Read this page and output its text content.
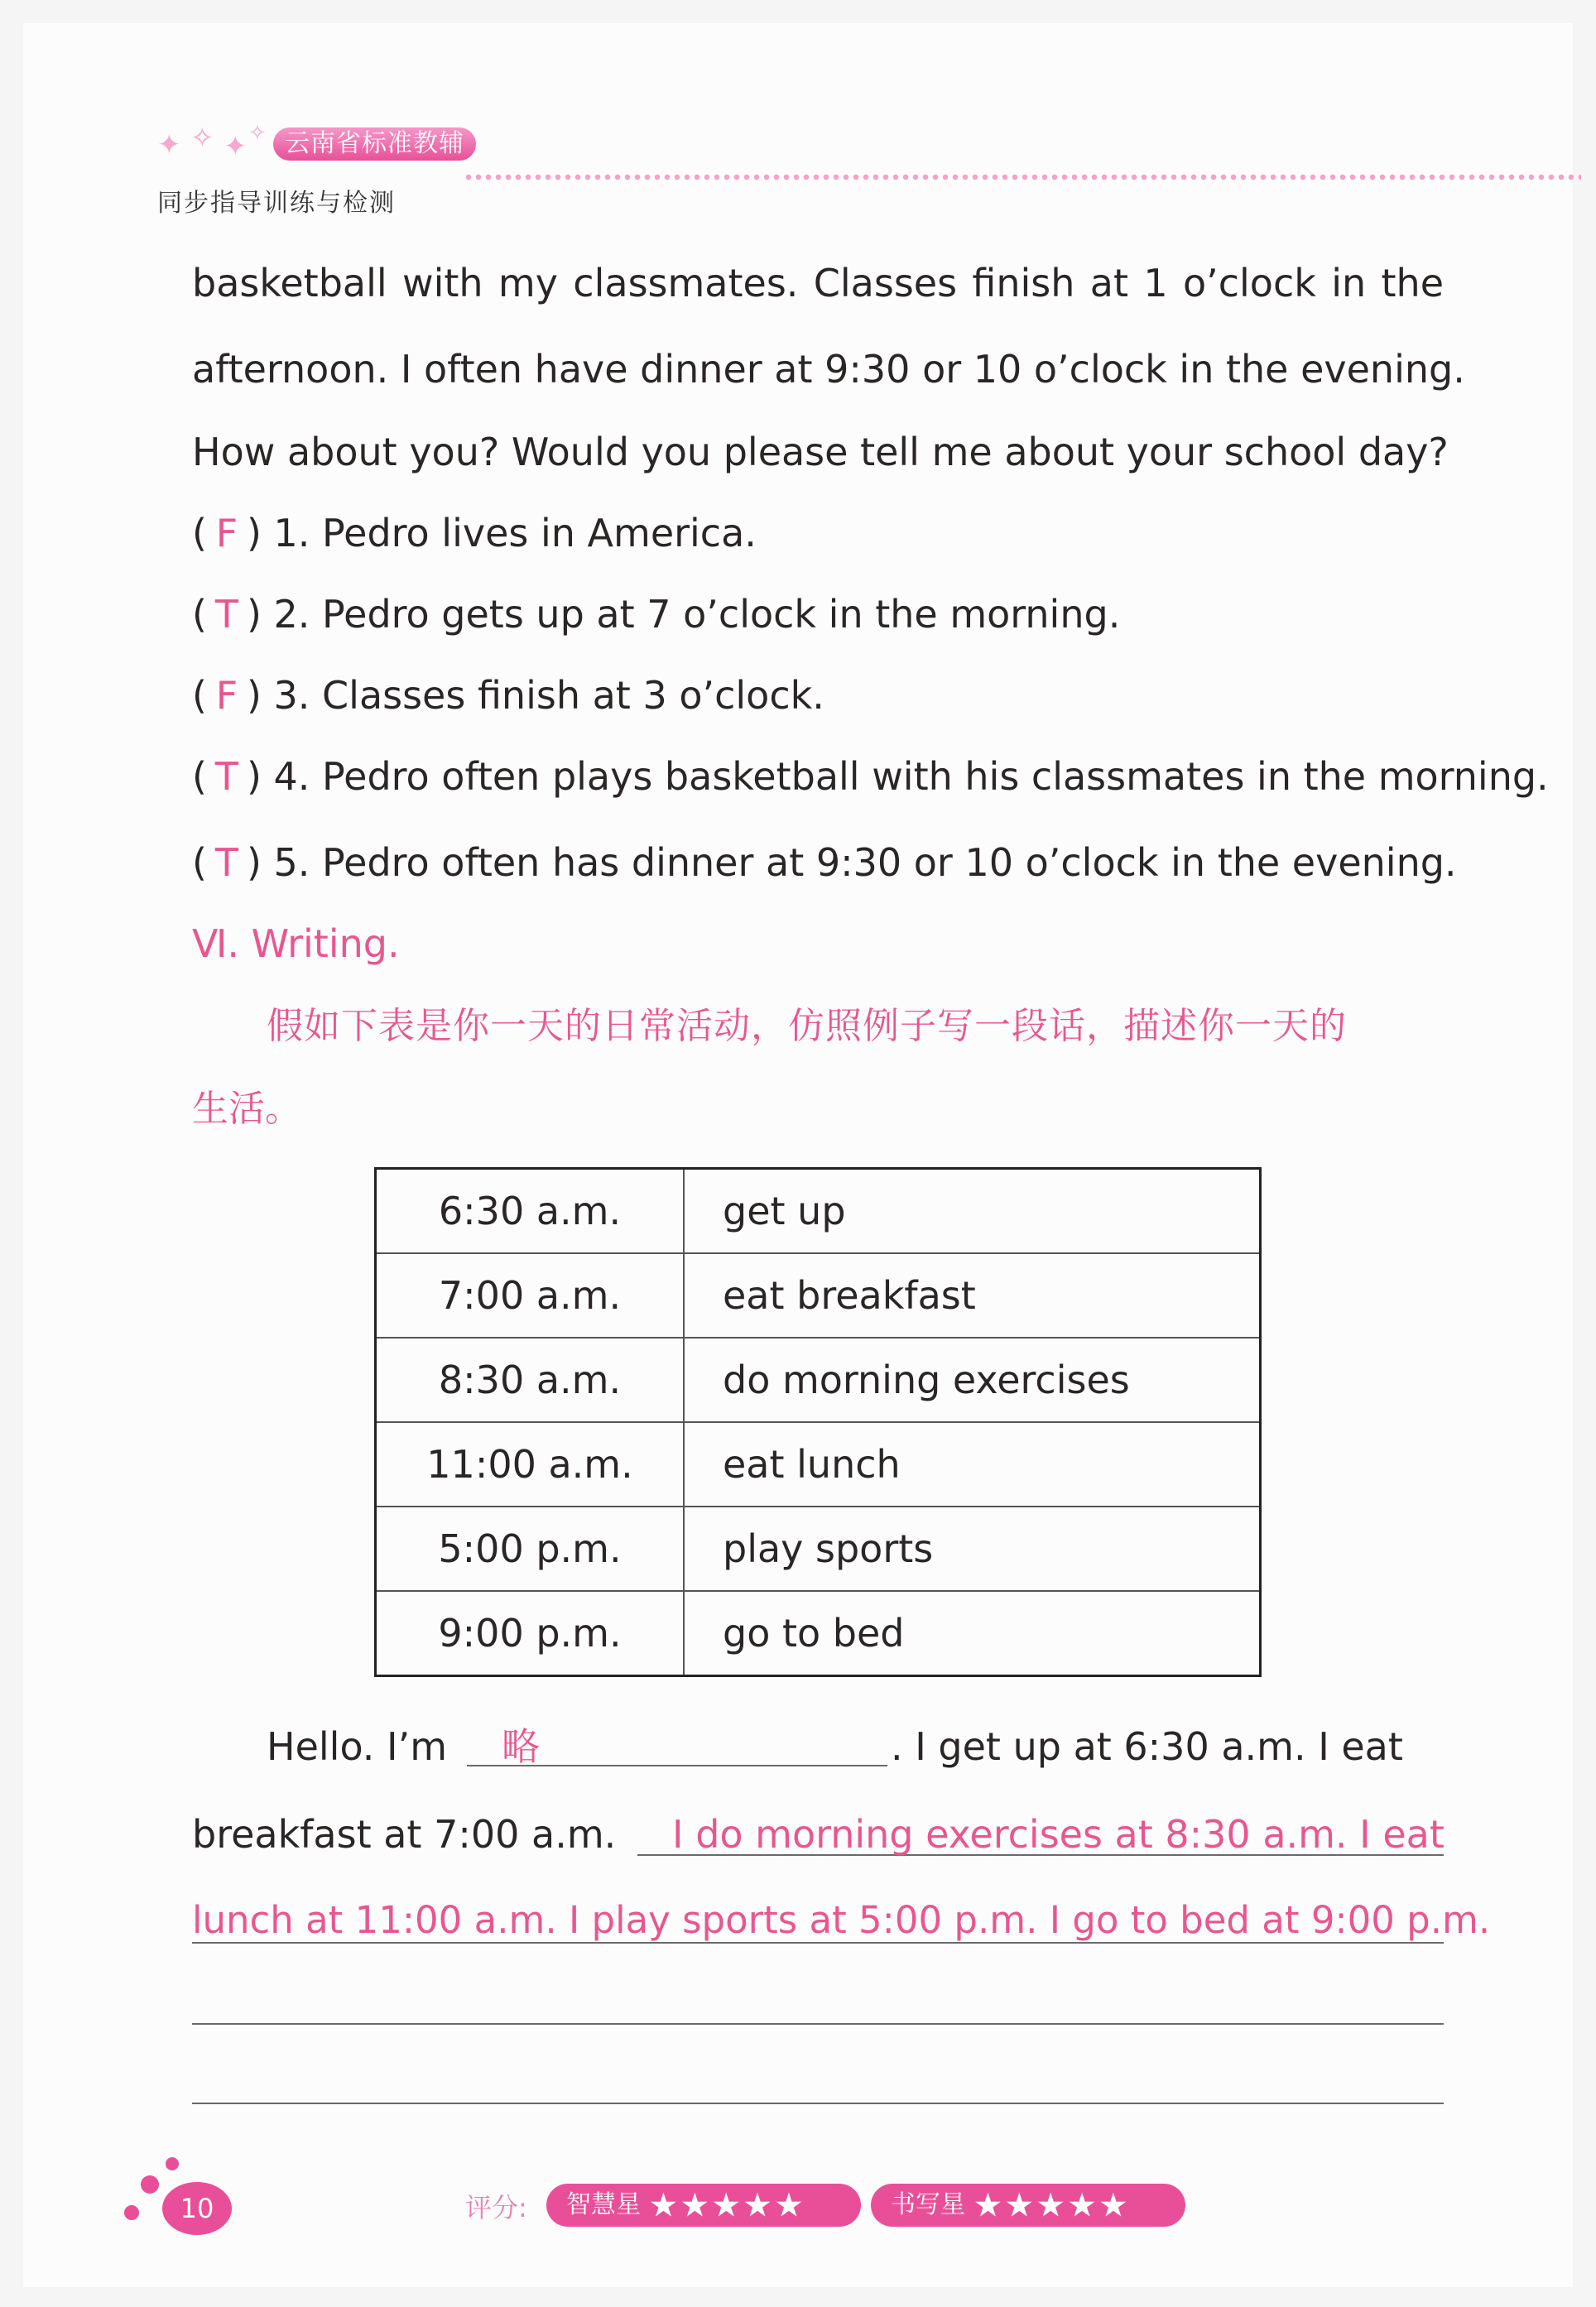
✦ ✧ ✦ ✧ 云南省标准教辅
同步指导训练与检测
basketball with my classmates. Classes finish at 1 o’clock in the
afternoon. I often have dinner at 9:30 or 10 o’clock in the evening.
How about you? Would you please tell me about your school day?
( F ) 1. Pedro lives in America.
( T ) 2. Pedro gets up at 7 o’clock in the morning.
( F ) 3. Classes finish at 3 o’clock.
( T ) 4. Pedro often plays basketball with his classmates in the morning.
( T ) 5. Pedro often has dinner at 9:30 or 10 o’clock in the evening.
Ⅵ. Writing.
假如下表是你一天的日常活动，仿照例子写一段话，描述你一天的
生活。
6:30 a.m.	get up
7:00 a.m.	eat breakfast
8:30 a.m.	do morning exercises
11:00 a.m.	eat lunch
5:00 p.m.	play sports
9:00 p.m.	go to bed
Hello. I’m 略	. I get up at 6:30 a.m. I eat
breakfast at 7:00 a.m. I do morning exercises at 8:30 a.m. I eat
lunch at 11:00 a.m. I play sports at 5:00 p.m. I go to bed at 9:00 p.m.
10	评分:	智慧星 ★★★★★	书写星 ★★★★★
